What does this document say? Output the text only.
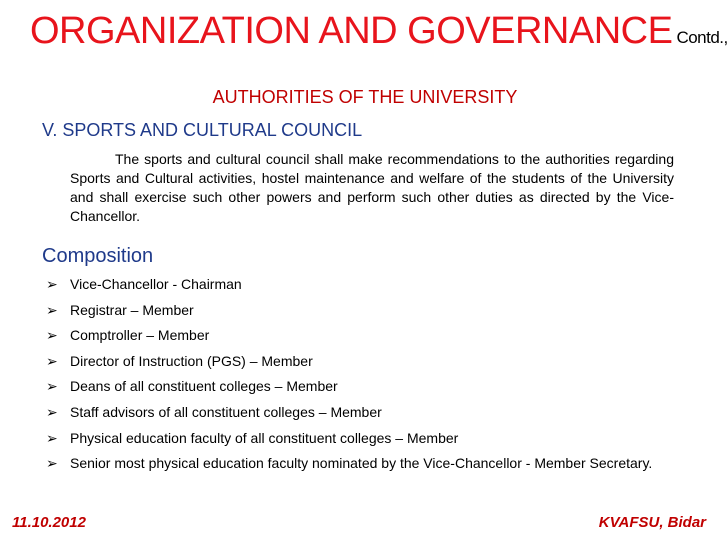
ORGANIZATION AND GOVERNANCE Contd.,
AUTHORITIES OF THE UNIVERSITY
V. SPORTS AND CULTURAL COUNCIL
The sports and cultural council shall make recommendations to the authorities regarding Sports and Cultural activities, hostel maintenance and welfare of the students of the University and shall exercise such other powers and perform such other duties as directed by the Vice-Chancellor.
Composition
➢ Vice-Chancellor - Chairman
➢ Registrar – Member
➢ Comptroller – Member
➢ Director of Instruction (PGS) – Member
➢ Deans of all constituent colleges – Member
➢ Staff advisors of all constituent colleges – Member
➢ Physical education faculty of all constituent colleges – Member
➢ Senior most physical education faculty nominated by the Vice-Chancellor - Member Secretary.
11.10.2012	KVAFSU, Bidar
